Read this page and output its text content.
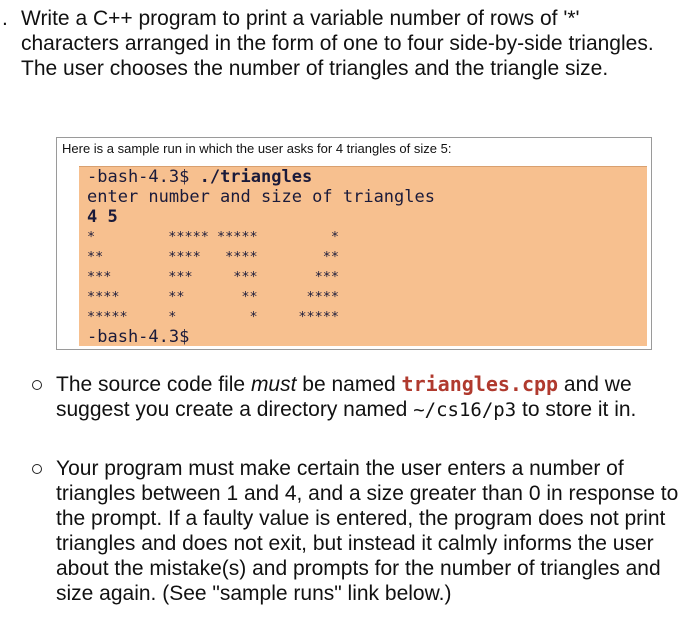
. Write a C++ program to print a variable number of rows of '*' characters arranged in the form of one to four side-by-side triangles. The user chooses the number of triangles and the triangle size.
Here is a sample run in which the user asks for 4 triangles of size 5:
-bash-4.3$ ./triangles
enter number and size of triangles
4 5
*         ***** *****         *
**        ****   ****        **
***       ***     ***       ***
****      **       **      ****
*****     *         *     *****
-bash-4.3$
The source code file must be named triangles.cpp and we suggest you create a directory named ~/cs16/p3 to store it in.
Your program must make certain the user enters a number of triangles between 1 and 4, and a size greater than 0 in response to the prompt. If a faulty value is entered, the program does not print triangles and does not exit, but instead it calmly informs the user about the mistake(s) and prompts for the number of triangles and size again. (See "sample runs" link below.)
